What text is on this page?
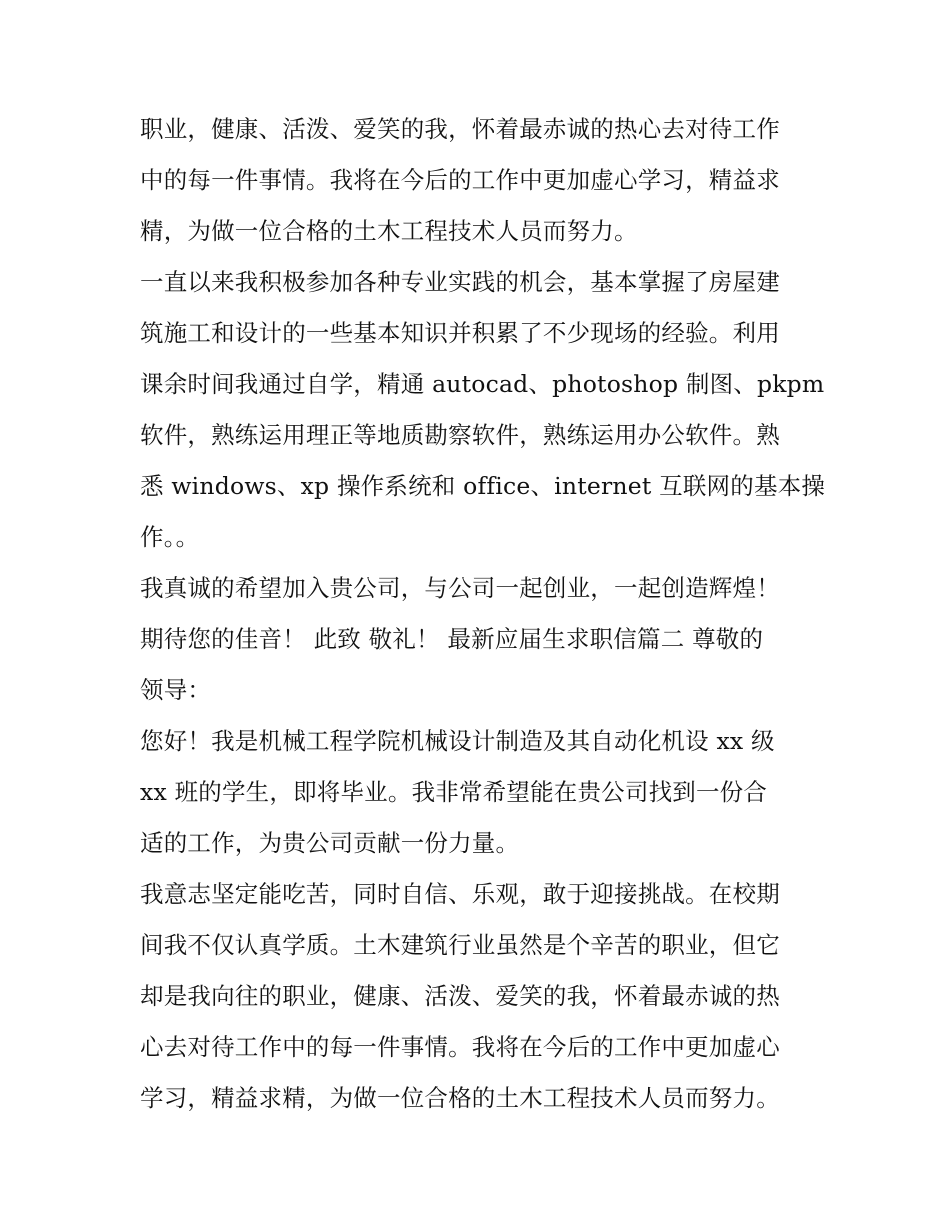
职业，健康、活泼、爱笑的我，怀着最赤诚的热心去对待工作
中的每一件事情。我将在今后的工作中更加虚心学习，精益求
精，为做一位合格的土木工程技术人员而努力。
一直以来我积极参加各种专业实践的机会，基本掌握了房屋建
筑施工和设计的一些基本知识并积累了不少现场的经验。利用
课余时间我通过自学，精通 autocad、photoshop 制图、pkpm
软件，熟练运用理正等地质勘察软件，熟练运用办公软件。熟
悉 windows、xp 操作系统和 office、internet 互联网的基本操
作。。
我真诚的希望加入贵公司，与公司一起创业，一起创造辉煌！
期待您的佳音！ 此致 敬礼！ 最新应届生求职信篇二 尊敬的
领导：
您好！我是机械工程学院机械设计制造及其自动化机设 xx 级
xx 班的学生，即将毕业。我非常希望能在贵公司找到一份合
适的工作，为贵公司贡献一份力量。
我意志坚定能吃苦，同时自信、乐观，敢于迎接挑战。在校期
间我不仅认真学质。土木建筑行业虽然是个辛苦的职业，但它
却是我向往的职业，健康、活泼、爱笑的我，怀着最赤诚的热
心去对待工作中的每一件事情。我将在今后的工作中更加虚心
学习，精益求精，为做一位合格的土木工程技术人员而努力。
